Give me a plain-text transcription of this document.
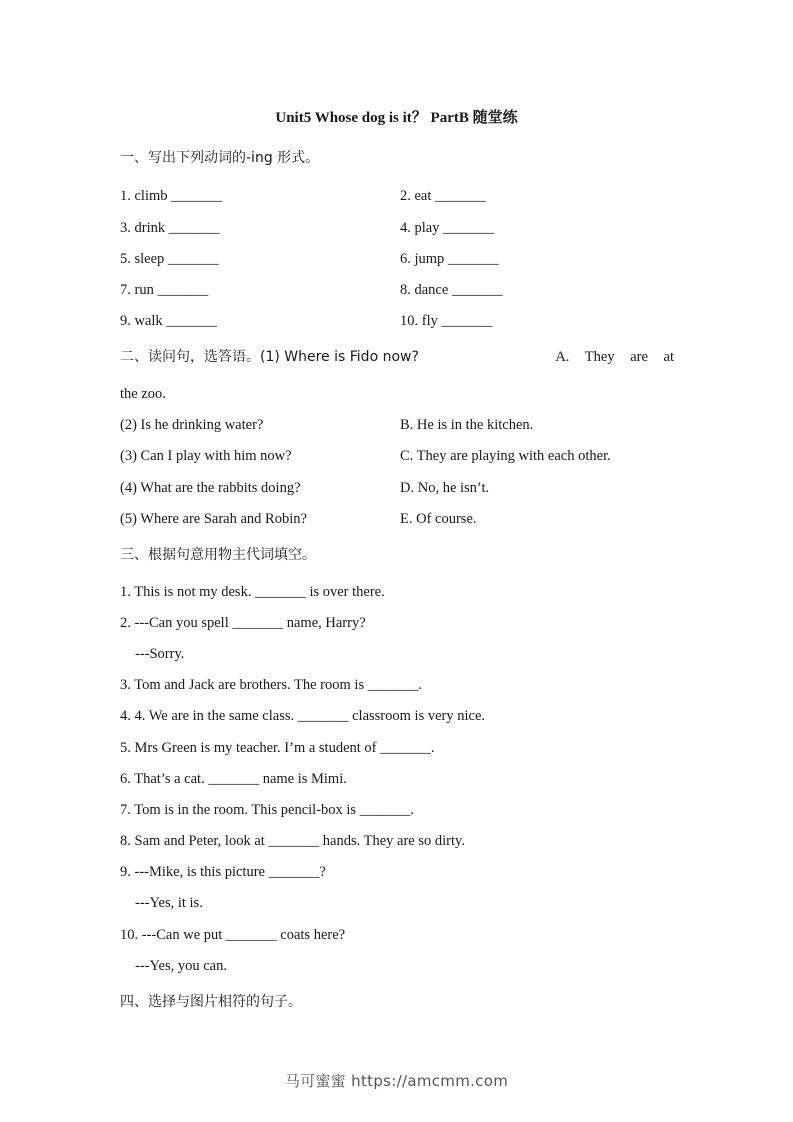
Unit5 Whose dog is it？ PartB 随堂练
一、写出下列动词的-ing 形式。
1. climb _______	2. eat _______
3. drink _______	4. play _______
5. sleep _______	6. jump _______
7. run _______	8. dance _______
9. walk _______	10. fly _______
二、读问句，选答语。(1) Where is Fido now?	A. They are at
the zoo.
(2) Is he drinking water?	B. He is in the kitchen.
(3) Can I play with him now?	C. They are playing with each other.
(4) What are the rabbits doing?	D. No, he isn’t.
(5) Where are Sarah and Robin?	E. Of course.
三、根据句意用物主代词填空。
1. This is not my desk. _______ is over there.
2. ---Can you spell _______ name, Harry?
---Sorry.
3. Tom and Jack are brothers. The room is _______.
4. 4. We are in the same class. _______ classroom is very nice.
5. Mrs Green is my teacher. I’m a student of _______.
6. That’s a cat. _______ name is Mimi.
7. Tom is in the room. This pencil-box is _______.
8. Sam and Peter, look at _______ hands. They are so dirty.
9. ---Mike, is this picture _______?
---Yes, it is.
10. ---Can we put _______ coats here?
---Yes, you can.
四、选择与图片相符的句子。
马可蜜蜜 https://amcmm.com
